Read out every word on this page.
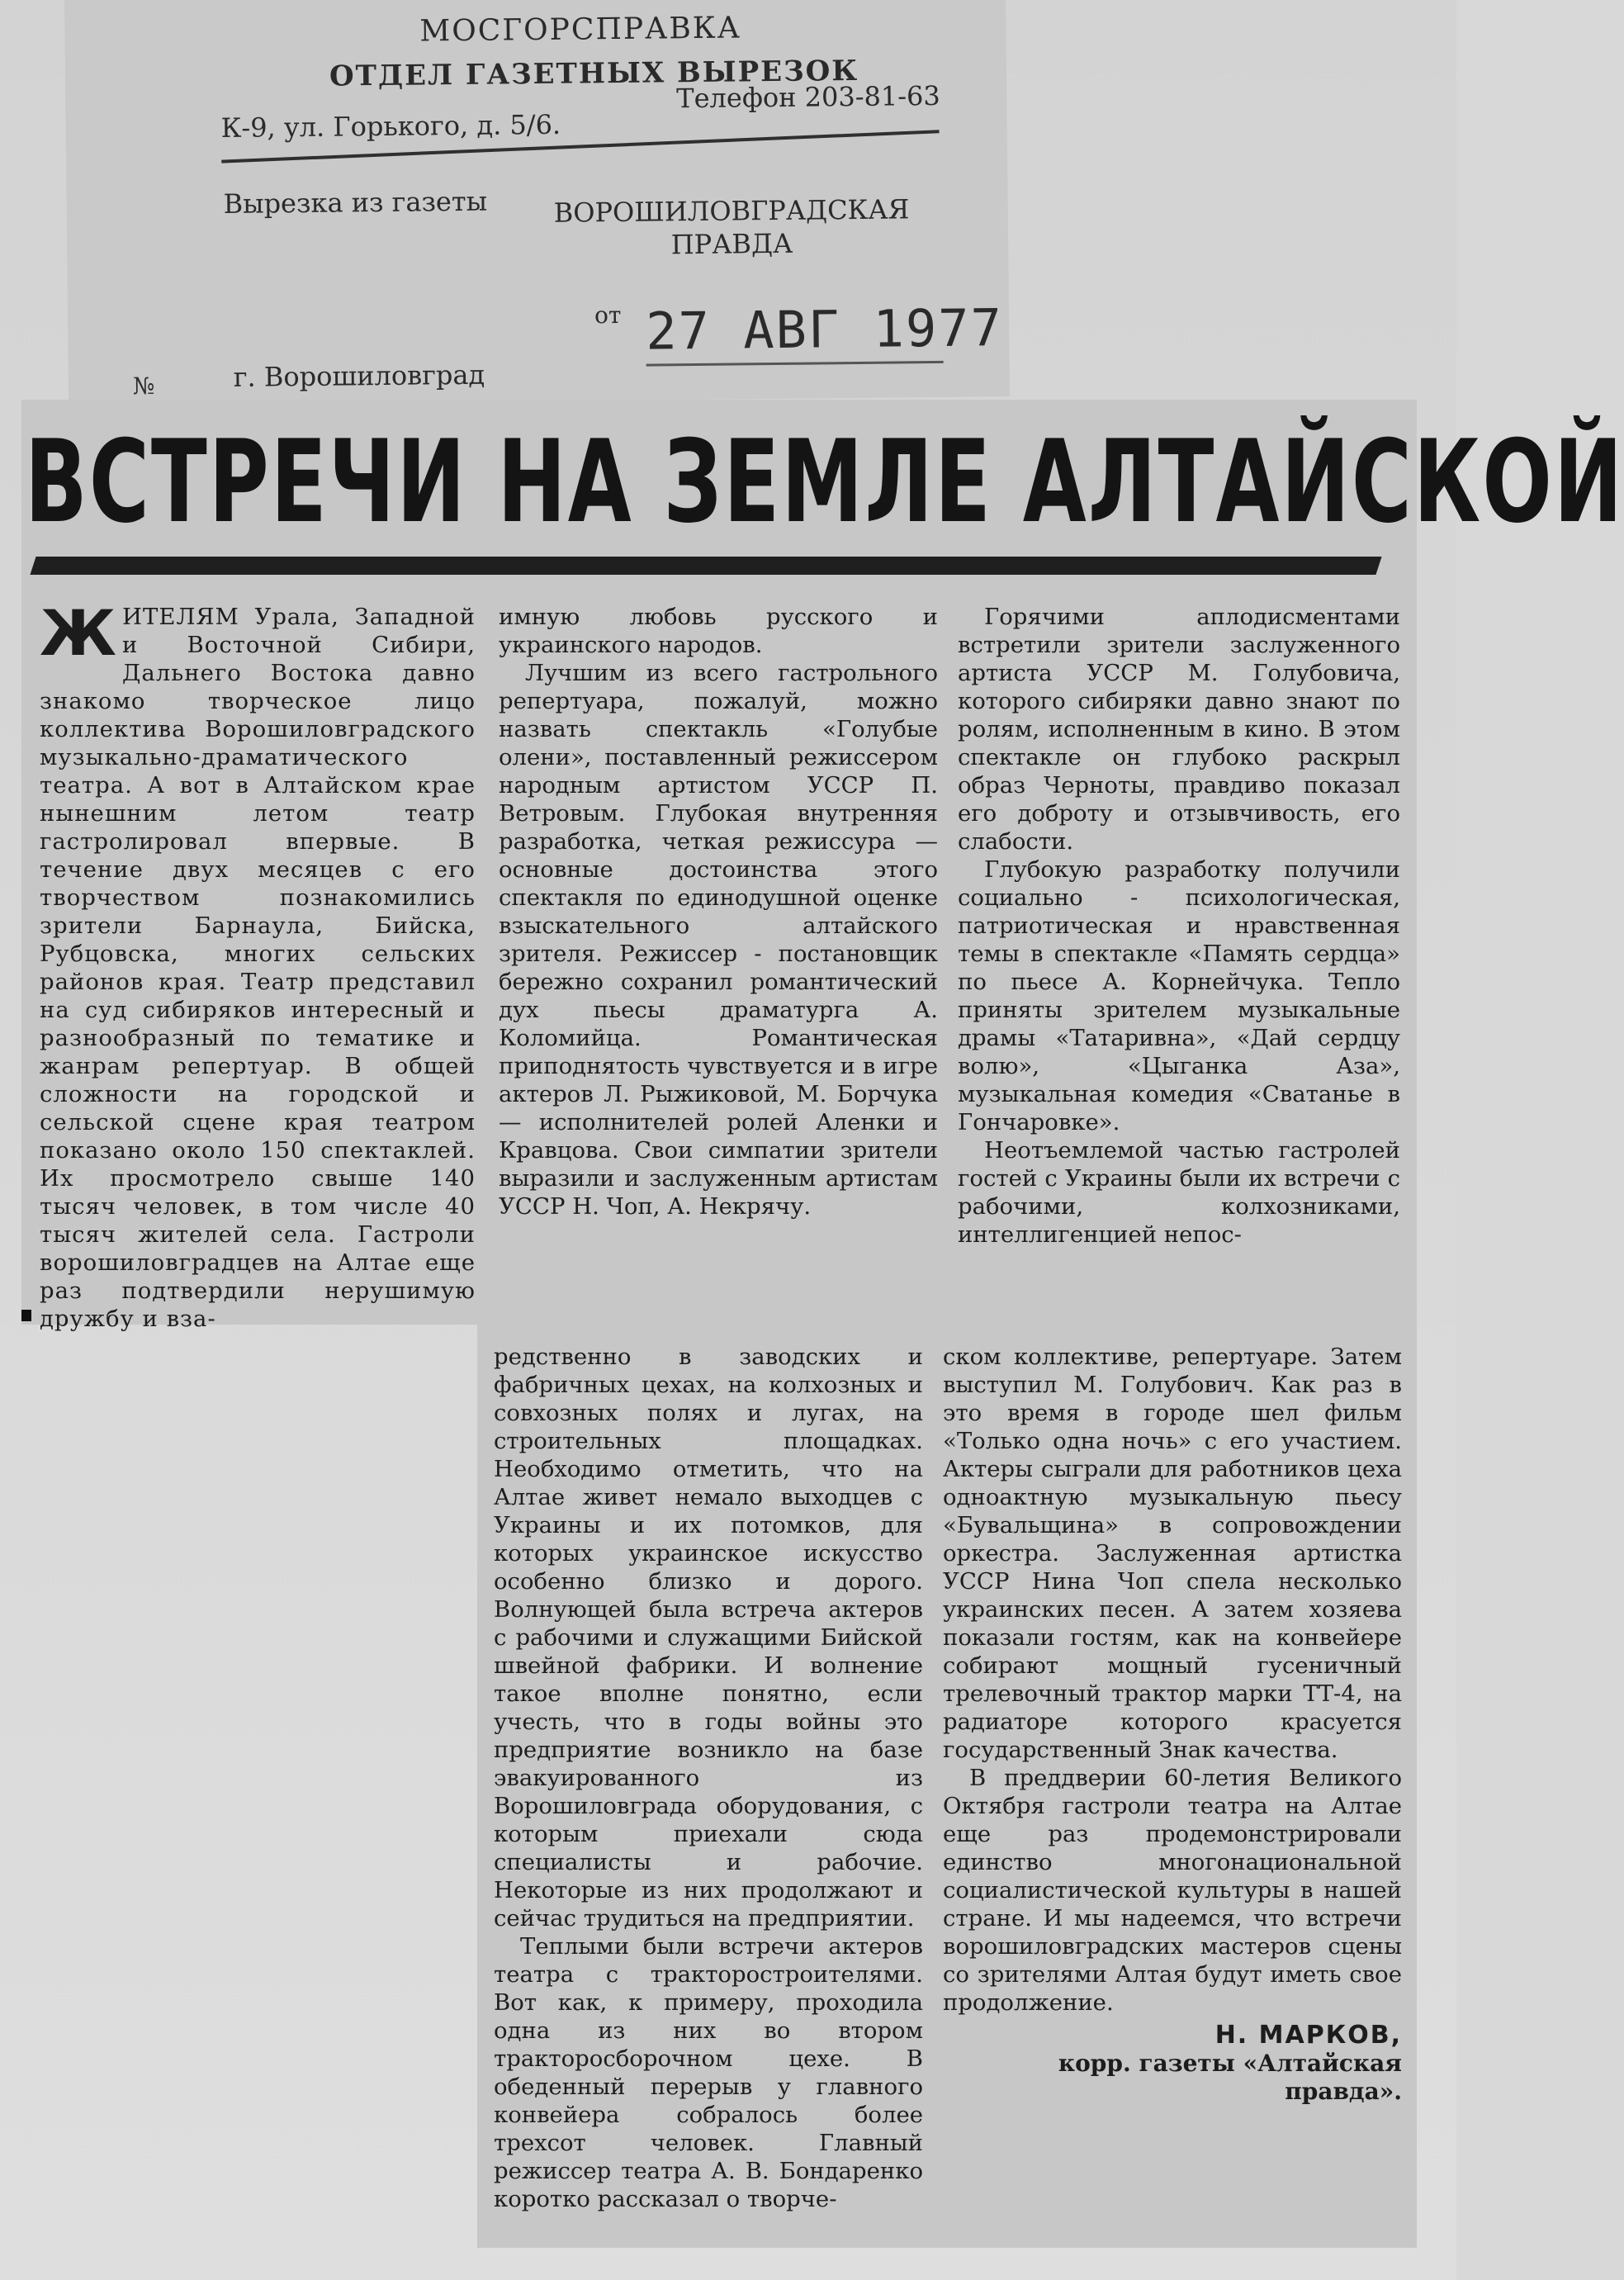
МОСГОРСПРАВКА
ОТДЕЛ ГАЗЕТНЫХ ВЫРЕЗОК
К-9, ул. Горького, д. 5/6.
Телефон 203-81-63
Вырезка из газеты	ВОРОШИЛОВГРАДСКАЯ
ПРАВДА
от 27 АВГ 1977
№	г. Ворошиловград
ВСТРЕЧИ НА ЗЕМЛЕ АЛТАЙСКОЙ

ЖИТЕЛЯМ Урала, Западной и Восточной Сибири, Дальнего Востока давно знакомо творческое лицо коллектива Ворошиловградского музыкально-драматического театра. А вот в Алтайском крае нынешним летом театр гастролировал впервые. В течение двух месяцев с его творчеством познакомились зрители Барнаула, Бийска, Рубцовска, многих сельских районов края. Театр представил на суд сибиряков интересный и разнообразный по тематике и жанрам репертуар. В общей сложности на городской и сельской сцене края театром показано около 150 спектаклей. Их просмотрело свыше 140 тысяч человек, в том числе 40 тысяч жителей села. Гастроли ворошиловградцев на Алтае еще раз подтвердили нерушимую дружбу и вза-

имную любовь русского и украинского народов.

Лучшим из всего гастрольного репертуара, пожалуй, можно назвать спектакль «Голубые олени», поставленный режиссером народным артистом УССР П. Ветровым. Глубокая внутренняя разработка, четкая режиссура — основные достоинства этого спектакля по единодушной оценке взыскательного алтайского зрителя. Режиссер - постановщик бережно сохранил романтический дух пьесы драматурга А. Коломийца. Романтическая приподнятость чувствуется и в игре актеров Л. Рыжиковой, М. Борчука — исполнителей ролей Аленки и Кравцова. Свои симпатии зрители выразили и заслуженным артистам УССР Н. Чоп, А. Некрячу.

Горячими аплодисментами встретили зрители заслуженного артиста УССР М. Голубовича, которого сибиряки давно знают по ролям, исполненным в кино. В этом спектакле он глубоко раскрыл образ Черноты, правдиво показал его доброту и отзывчивость, его слабости.

Глубокую разработку получили социально - психологическая, патриотическая и нравственная темы в спектакле «Память сердца» по пьесе А. Корнейчука. Тепло приняты зрителем музыкальные драмы «Татаривна», «Дай сердцу волю», «Цыганка Аза», музыкальная комедия «Сватанье в Гончаровке».

Неотъемлемой частью гастролей гостей с Украины были их встречи с рабочими, колхозниками, интеллигенцией непос-

редственно в заводских и фабричных цехах, на колхозных и совхозных полях и лугах, на строительных площадках. Необходимо отметить, что на Алтае живет немало выходцев с Украины и их потомков, для которых украинское искусство особенно близко и дорого. Волнующей была встреча актеров с рабочими и служащими Бийской швейной фабрики. И волнение такое вполне понятно, если учесть, что в годы войны это предприятие возникло на базе эвакуированного из Ворошиловграда оборудования, с которым приехали сюда специалисты и рабочие. Некоторые из них продолжают и сейчас трудиться на предприятии.

Теплыми были встречи актеров театра с тракторостроителями. Вот как, к примеру, проходила одна из них во втором тракторосборочном цехе. В обеденный перерыв у главного конвейера собралось более трехсот человек. Главный режиссер театра А. В. Бондаренко коротко рассказал о творче-

ском коллективе, репертуаре. Затем выступил М. Голубович. Как раз в это время в городе шел фильм «Только одна ночь» с его участием. Актеры сыграли для работников цеха одноактную музыкальную пьесу «Бувальщина» в сопровождении оркестра. Заслуженная артистка УССР Нина Чоп спела несколько украинских песен. А затем хозяева показали гостям, как на конвейере собирают мощный гусеничный трелевочный трактор марки ТТ-4, на радиаторе которого красуется государственный Знак качества.

В преддверии 60-летия Великого Октября гастроли театра на Алтае еще раз продемонстрировали единство многонациональной социалистической культуры в нашей стране. И мы надеемся, что встречи ворошиловградских мастеров сцены со зрителями Алтая будут иметь свое продолжение.

Н. МАРКОВ,
корр. газеты «Алтайская
правда».
